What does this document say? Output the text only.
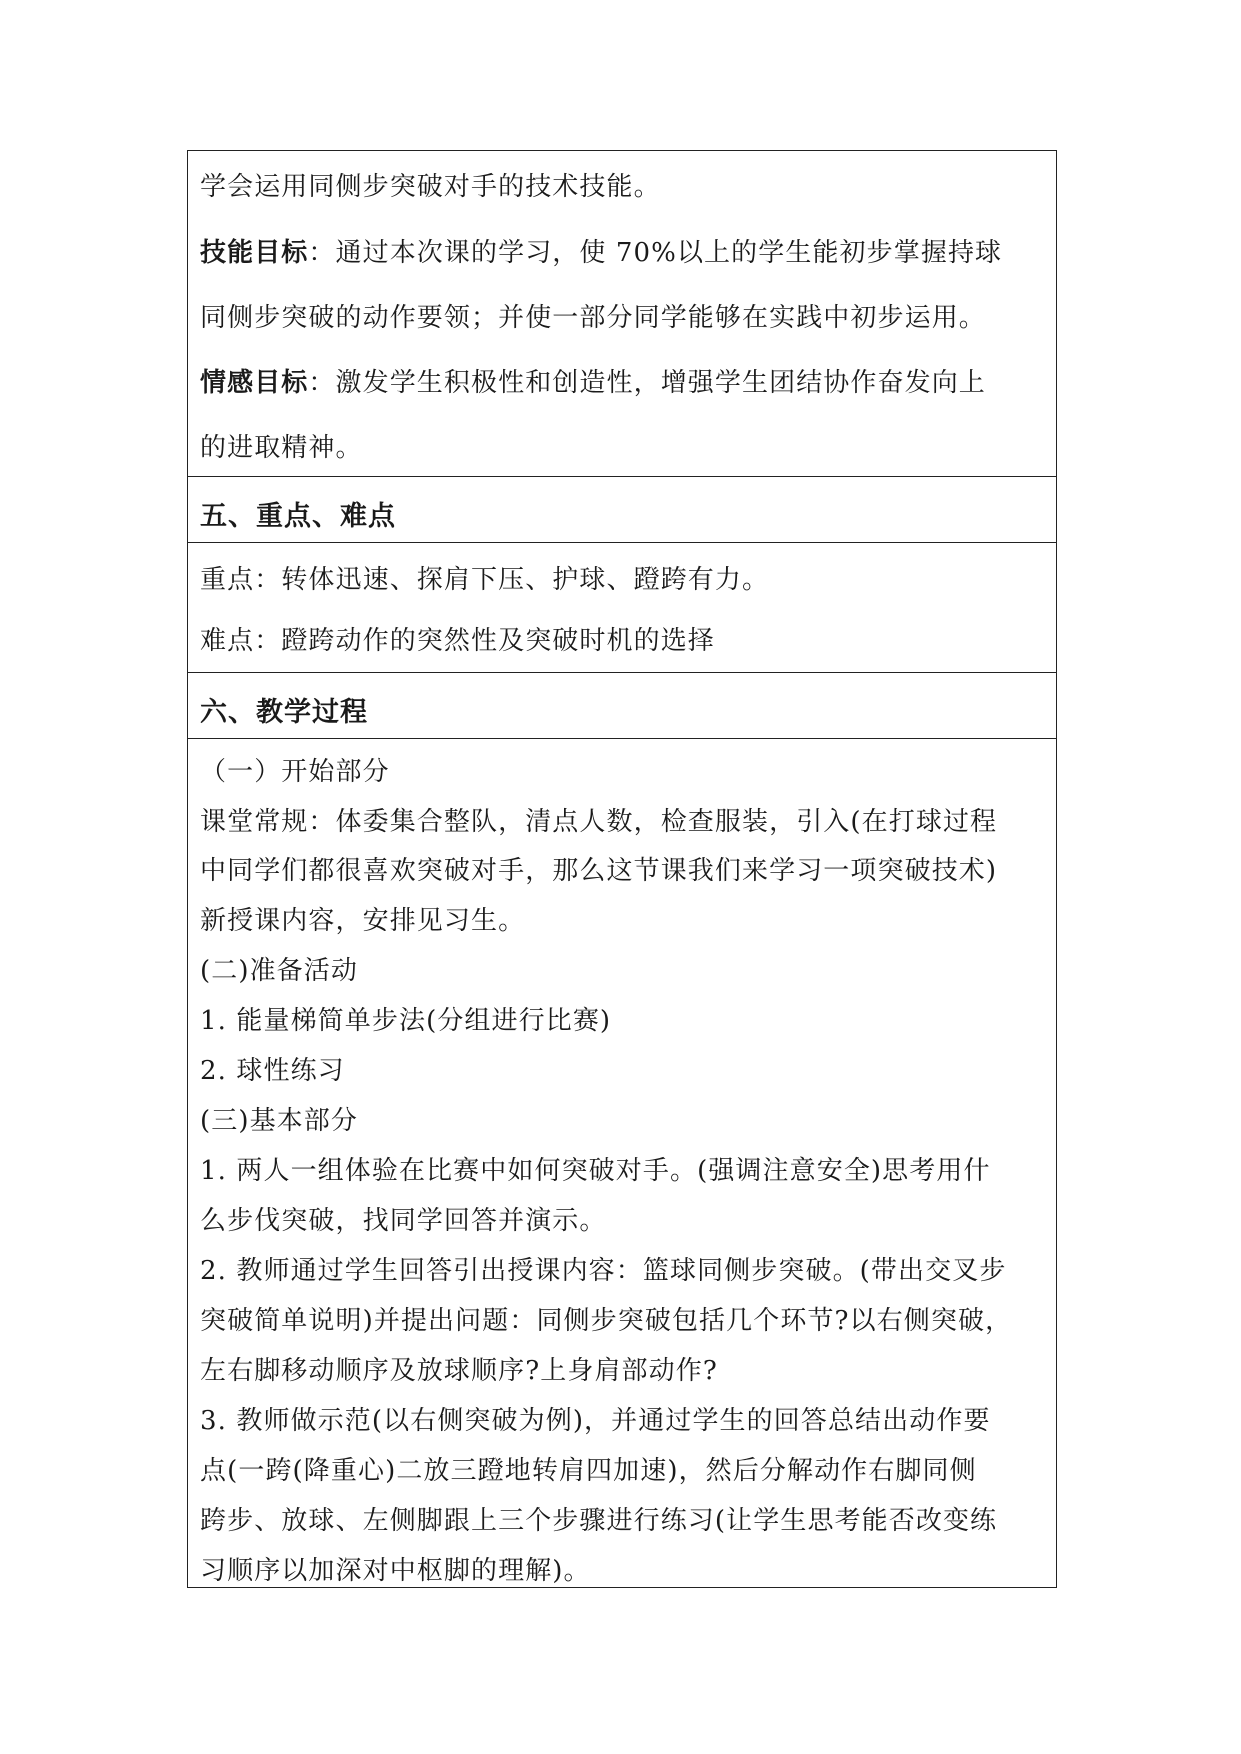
学会运用同侧步突破对手的技术技能。
技能目标：通过本次课的学习，使 70%以上的学生能初步掌握持球
同侧步突破的动作要领；并使一部分同学能够在实践中初步运用。
情感目标：激发学生积极性和创造性，增强学生团结协作奋发向上
的进取精神。
五、重点、难点
重点：转体迅速、探肩下压、护球、蹬跨有力。
难点：蹬跨动作的突然性及突破时机的选择
六、教学过程
（一）开始部分
课堂常规：体委集合整队，清点人数，检查服装，引入(在打球过程
中同学们都很喜欢突破对手，那么这节课我们来学习一项突破技术)
新授课内容，安排见习生。
(二)准备活动
1. 能量梯简单步法(分组进行比赛)
2. 球性练习
(三)基本部分
1. 两人一组体验在比赛中如何突破对手。(强调注意安全)思考用什
么步伐突破，找同学回答并演示。
2. 教师通过学生回答引出授课内容：篮球同侧步突破。(带出交叉步
突破简单说明)并提出问题：同侧步突破包括几个环节?以右侧突破，
左右脚移动顺序及放球顺序?上身肩部动作?
3. 教师做示范(以右侧突破为例)，并通过学生的回答总结出动作要
点(一跨(降重心)二放三蹬地转肩四加速)，然后分解动作右脚同侧
跨步、放球、左侧脚跟上三个步骤进行练习(让学生思考能否改变练
习顺序以加深对中枢脚的理解)。
